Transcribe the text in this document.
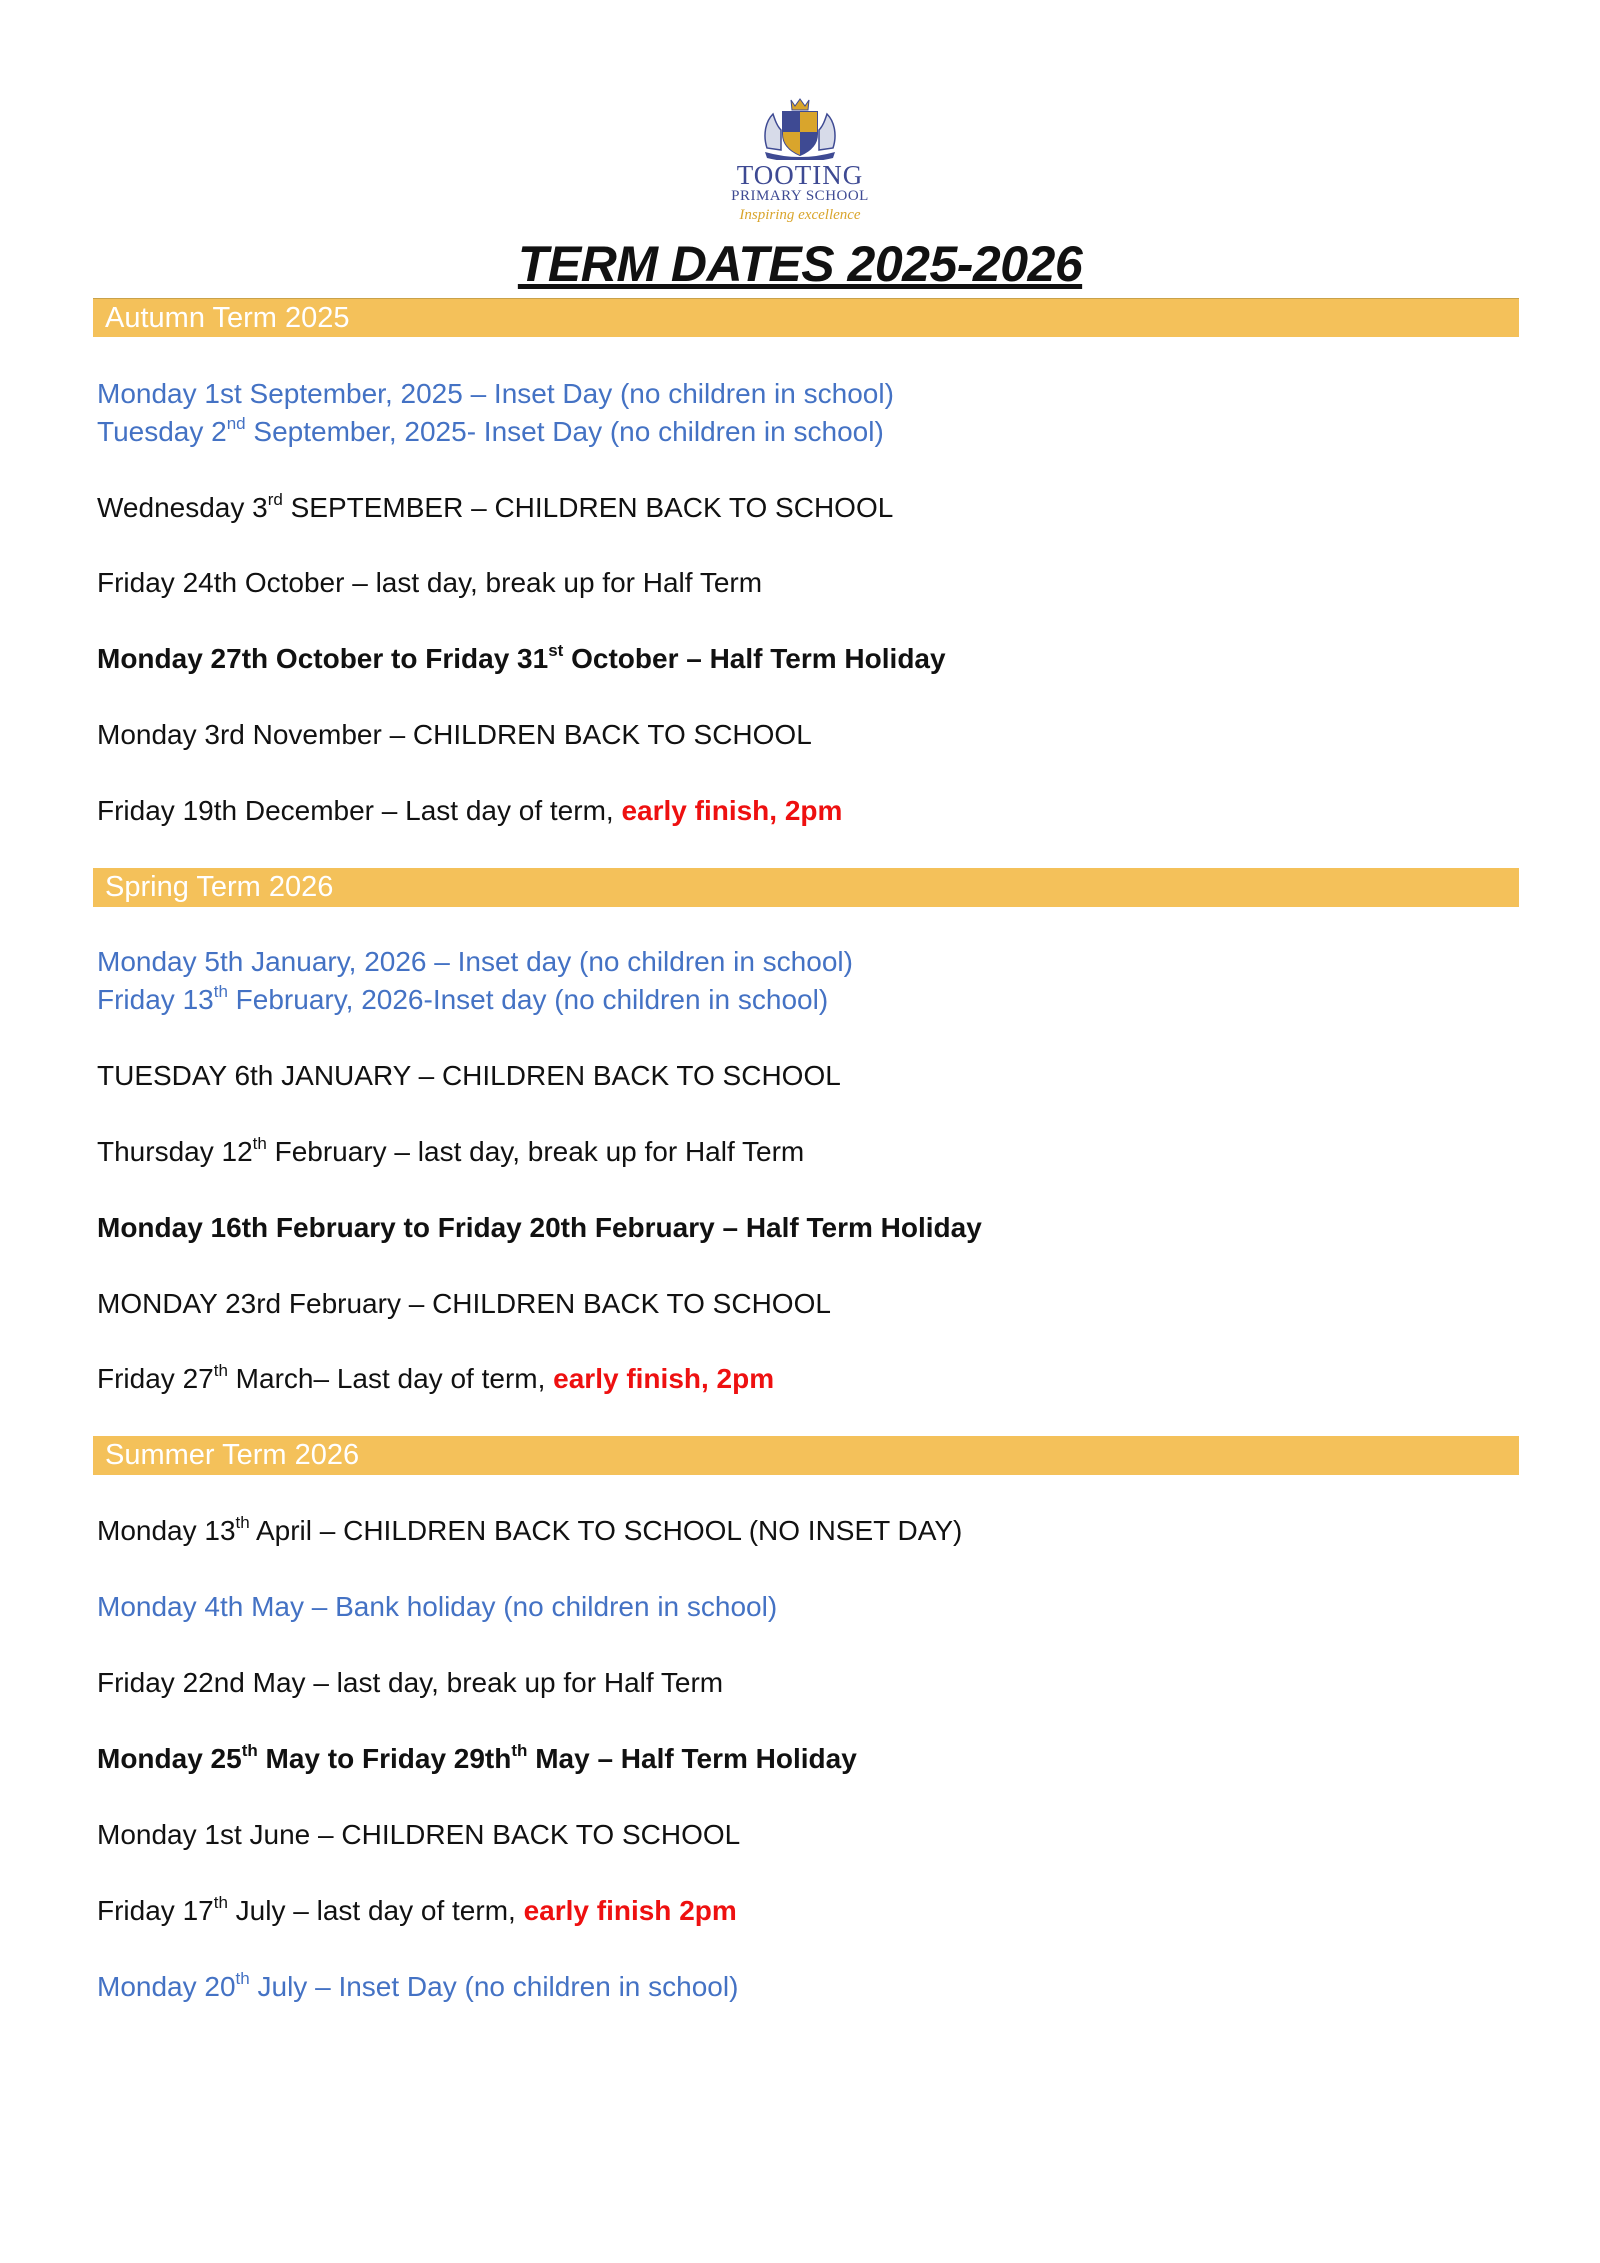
TOOTING
PRIMARY SCHOOL
Inspiring excellence
TERM DATES 2025-2026
Autumn Term 2025

Monday 1st September, 2025 – Inset Day (no children in school)

Tuesday 2nd September, 2025- Inset Day (no children in school)

Wednesday 3rd SEPTEMBER – CHILDREN BACK TO SCHOOL

Friday 24th October – last day, break up for Half Term

Monday 27th October to Friday 31st October – Half Term Holiday

Monday 3rd November – CHILDREN BACK TO SCHOOL

Friday 19th December – Last day of term, early finish, 2pm

Spring Term 2026

Monday 5th January, 2026 – Inset day (no children in school)

Friday 13th February, 2026-Inset day (no children in school)

TUESDAY 6th JANUARY – CHILDREN BACK TO SCHOOL

Thursday 12th February – last day, break up for Half Term

Monday 16th February to Friday 20th February – Half Term Holiday

MONDAY 23rd February – CHILDREN BACK TO SCHOOL

Friday 27th March– Last day of term, early finish, 2pm

Summer Term 2026

Monday 13th April – CHILDREN BACK TO SCHOOL (NO INSET DAY)

Monday 4th May – Bank holiday (no children in school)

Friday 22nd May – last day, break up for Half Term

Monday 25th May to Friday $29th^{th}$ May – Half Term Holiday

Monday 1st June – CHILDREN BACK TO SCHOOL

Friday 17th July – last day of term, early finish 2pm

Monday 20th July – Inset Day (no children in school)
